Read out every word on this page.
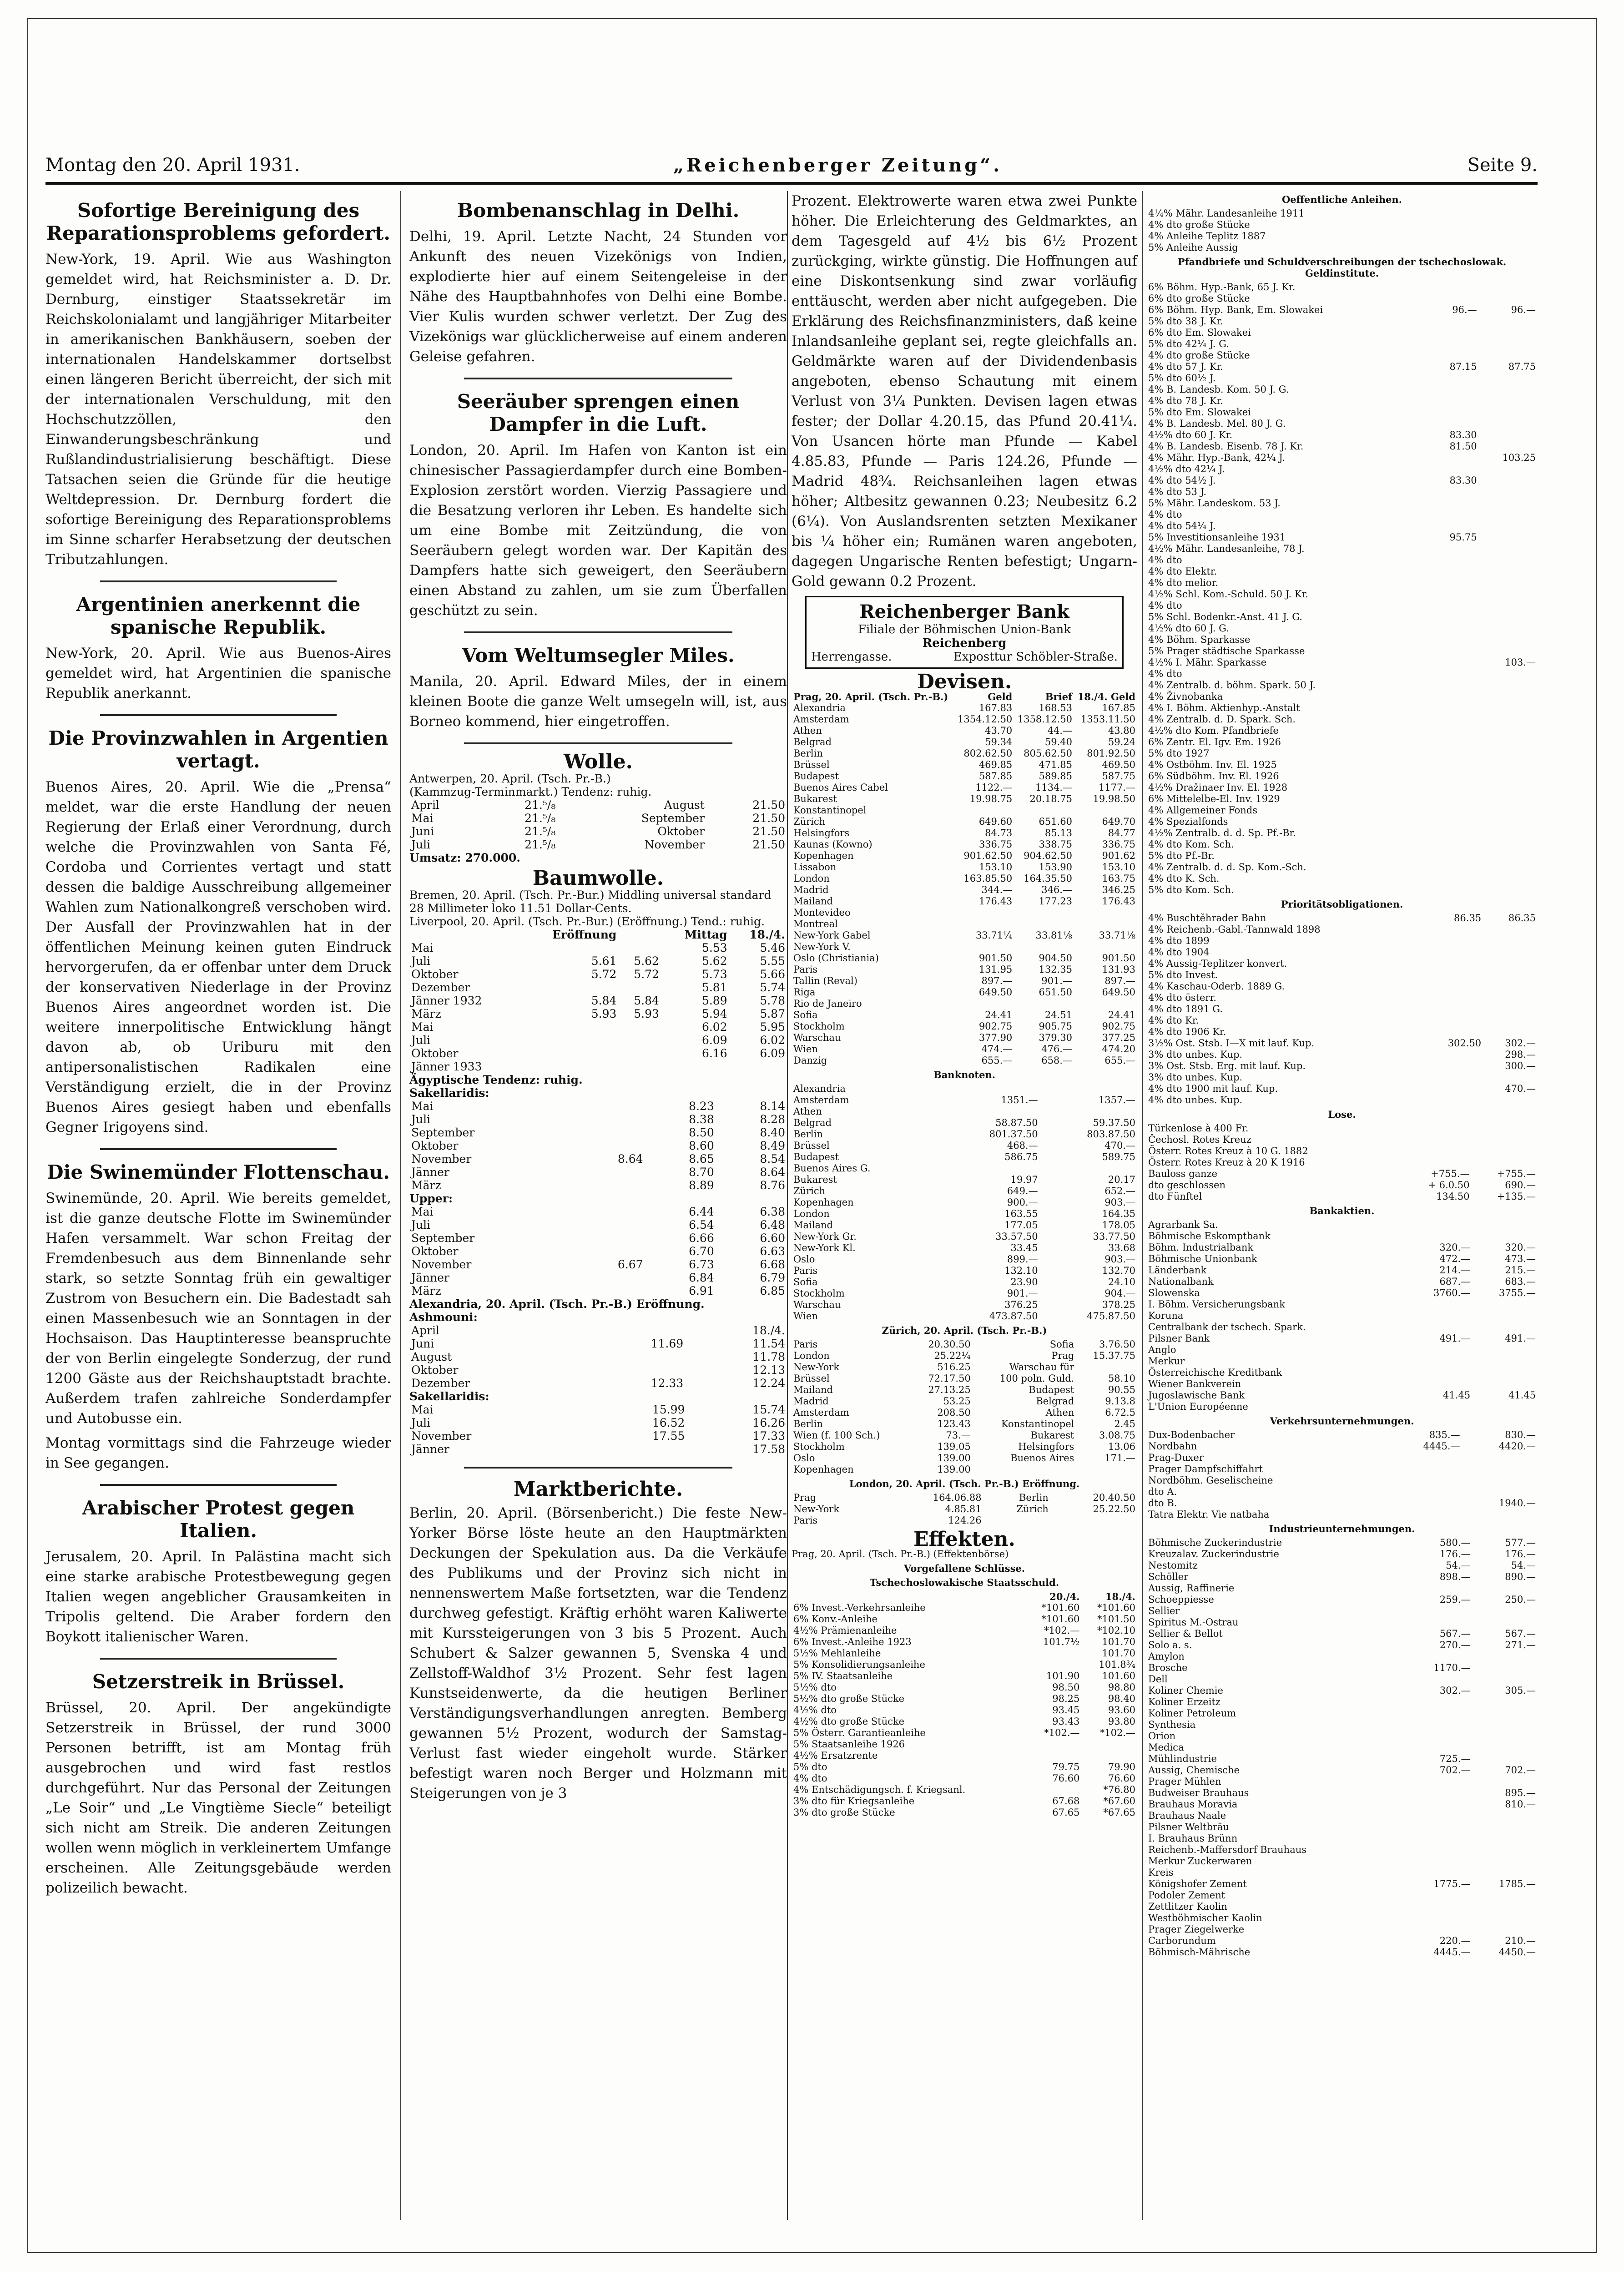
Montag den 20. April 1931.	„Reichenberger Zeitung“.	Seite 9.
Sofortige Bereinigung des Reparationsproblems gefordert.

New-York, 19. April. Wie aus Washington gemeldet wird, hat Reichsminister a. D. Dr. Dernburg, einstiger Staatssekretär im Reichskolonialamt und langjähriger Mitarbeiter in amerikanischen Bankhäusern, soeben der internationalen Handelskammer dortselbst einen längeren Bericht überreicht, der sich mit der internationalen Verschuldung, mit den Hochschutzzöllen, den Einwanderungsbeschränkung und Rußlandindustrialisierung beschäftigt. Diese Tatsachen seien die Gründe für die heutige Weltdepression. Dr. Dernburg fordert die sofortige Bereinigung des Reparationsproblems im Sinne scharfer Herabsetzung der deutschen Tributzahlungen.

Argentinien anerkennt die spanische Republik.

New-York, 20. April. Wie aus Buenos-Aires gemeldet wird, hat Argentinien die spanische Republik anerkannt.

Die Provinzwahlen in Argentien vertagt.

Buenos Aires, 20. April. Wie die „Prensa“ meldet, war die erste Handlung der neuen Regierung der Erlaß einer Verordnung, durch welche die Provinzwahlen von Santa Fé, Cordoba und Corrientes vertagt und statt dessen die baldige Ausschreibung allgemeiner Wahlen zum Nationalkongreß verschoben wird. Der Ausfall der Provinzwahlen hat in der öffentlichen Meinung keinen guten Eindruck hervorgerufen, da er offenbar unter dem Druck der konservativen Niederlage in der Provinz Buenos Aires angeordnet worden ist. Die weitere innerpolitische Entwicklung hängt davon ab, ob Uriburu mit den antipersonalistischen Radikalen eine Verständigung erzielt, die in der Provinz Buenos Aires gesiegt haben und ebenfalls Gegner Irigoyens sind.

Die Swinemünder Flottenschau.

Swinemünde, 20. April. Wie bereits gemeldet, ist die ganze deutsche Flotte im Swinemünder Hafen versammelt. War schon Freitag der Fremdenbesuch aus dem Binnenlande sehr stark, so setzte Sonntag früh ein gewaltiger Zustrom von Besuchern ein. Die Badestadt sah einen Massenbesuch wie an Sonntagen in der Hochsaison. Das Hauptinteresse beanspruchte der von Berlin eingelegte Sonderzug, der rund 1200 Gäste aus der Reichshauptstadt brachte. Außerdem trafen zahlreiche Sonderdampfer und Autobusse ein.

Montag vormittags sind die Fahrzeuge wieder in See gegangen.

Arabischer Protest gegen Italien.

Jerusalem, 20. April. In Palästina macht sich eine starke arabische Protestbewegung gegen Italien wegen angeblicher Grausamkeiten in Tripolis geltend. Die Araber fordern den Boykott italienischer Waren.

Setzerstreik in Brüssel.

Brüssel, 20. April. Der angekündigte Setzerstreik in Brüssel, der rund 3000 Personen betrifft, ist am Montag früh ausgebrochen und wird fast restlos durchgeführt. Nur das Personal der Zeitungen „Le Soir“ und „Le Vingtième Siecle“ beteiligt sich nicht am Streik. Die anderen Zeitungen wollen wenn möglich in verkleinertem Umfange erscheinen. Alle Zeitungsgebäude werden polizeilich bewacht.

Bombenanschlag in Delhi.

Delhi, 19. April. Letzte Nacht, 24 Stunden vor Ankunft des neuen Vizekönigs von Indien, explodierte hier auf einem Seitengeleise in der Nähe des Hauptbahnhofes von Delhi eine Bombe. Vier Kulis wurden schwer verletzt. Der Zug des Vizekönigs war glücklicherweise auf einem anderen Geleise gefahren.

Seeräuber sprengen einen Dampfer in die Luft.

London, 20. April. Im Hafen von Kanton ist ein chinesischer Passagierdampfer durch eine Bomben-Explosion zerstört worden. Vierzig Passagiere und die Besatzung verloren ihr Leben. Es handelte sich um eine Bombe mit Zeitzündung, die von Seeräubern gelegt worden war. Der Kapitän des Dampfers hatte sich geweigert, den Seeräubern einen Abstand zu zahlen, um sie zum Überfallen geschützt zu sein.

Vom Weltumsegler Miles.

Manila, 20. April. Edward Miles, der in einem kleinen Boote die ganze Welt umsegeln will, ist, aus Borneo kommend, hier eingetroffen.

Wolle.
Antwerpen, 20. April. (Tsch. Pr.-B.)
(Kammzug-Terminmarkt.) Tendenz: ruhig.
April	21.⁵/₈	August	21.50
Mai	21.⁵/₈	September	21.50
Juni	21.⁵/₈	Oktober	21.50
Juli	21.⁵/₈	November	21.50
Umsatz: 270.000.
Baumwolle.
Bremen, 20. April. (Tsch. Pr.-Bur.) Middling universal standard 28 Millimeter loko 11.51 Dollar-Cents.
Liverpool, 20. April. (Tsch. Pr.-Bur.) (Eröffnung.) Tend.: ruhig.
	Eröffnung		Mittag	18./4.
Mai			5.53	5.46
Juli	5.61	5.62	5.62	5.55
Oktober	5.72	5.72	5.73	5.66
Dezember			5.81	5.74
Jänner 1932	5.84	5.84	5.89	5.78
März	5.93	5.93	5.94	5.87
Mai			6.02	5.95
Juli			6.09	6.02
Oktober			6.16	6.09
Jänner 1933				
Ägyptische Tendenz: ruhig.
Sakellaridis:
Mai		8.23	8.14
Juli		8.38	8.28
September		8.50	8.40
Oktober		8.60	8.49
November	8.64	8.65	8.54
Jänner		8.70	8.64
März		8.89	8.76
Upper:
Mai		6.44	6.38
Juli		6.54	6.48
September		6.66	6.60
Oktober		6.70	6.63
November	6.67	6.73	6.68
Jänner		6.84	6.79
März		6.91	6.85
Alexandria, 20. April. (Tsch. Pr.-B.) Eröffnung.
Ashmouni:
April		18./4.
Juni	11.69	11.54
August		11.78
Oktober		12.13
Dezember	12.33	12.24
Sakellaridis:
Mai	15.99	15.74
Juli	16.52	16.26
November	17.55	17.33
Jänner		17.58
Marktberichte.

Berlin, 20. April. (Börsenbericht.) Die feste New-Yorker Börse löste heute an den Hauptmärkten Deckungen der Spekulation aus. Da die Verkäufe des Publikums und der Provinz sich nicht in nennenswertem Maße fortsetzten, war die Tendenz durchweg gefestigt. Kräftig erhöht waren Kaliwerte mit Kurssteigerungen von 3 bis 5 Prozent. Auch Schubert & Salzer gewannen 5, Svenska 4 und Zellstoff-Waldhof 3½ Prozent. Sehr fest lagen Kunstseidenwerte, da die heutigen Berliner Verständigungsverhandlungen anregten. Bemberg gewannen 5½ Prozent, wodurch der Samstag-Verlust fast wieder eingeholt wurde. Stärker befestigt waren noch Berger und Holzmann mit Steigerungen von je 3

Prozent. Elektrowerte waren etwa zwei Punkte höher. Die Erleichterung des Geldmarktes, an dem Tagesgeld auf 4½ bis 6½ Prozent zurückging, wirkte günstig. Die Hoffnungen auf eine Diskontsenkung sind zwar vorläufig enttäuscht, werden aber nicht aufgegeben. Die Erklärung des Reichsfinanzministers, daß keine Inlandsanleihe geplant sei, regte gleichfalls an. Geldmärkte waren auf der Dividendenbasis angeboten, ebenso Schautung mit einem Verlust von 3¼ Punkten. Devisen lagen etwas fester; der Dollar 4.20.15, das Pfund 20.41¼. Von Usancen hörte man Pfunde — Kabel 4.85.83, Pfunde — Paris 124.26, Pfunde — Madrid 48¾. Reichsanleihen lagen etwas höher; Altbesitz gewannen 0.23; Neubesitz 6.2 (6¼). Von Auslandsrenten setzten Mexikaner bis ¼ höher ein; Rumänen waren angeboten, dagegen Ungarische Renten befestigt; Ungarn-Gold gewann 0.2 Prozent.

Reichenberger Bank
Filiale der Böhmischen Union-Bank
Reichenberg
Herrengasse.	Exposttur Schöbler-Straße.
Devisen.
Prag, 20. April. (Tsch. Pr.-B.)	Geld	Brief	18./4. Geld
Alexandria	167.83	168.53	167.85
Amsterdam	1354.12.50	1358.12.50	1353.11.50
Athen	43.70	44.—	43.80
Belgrad	59.34	59.40	59.24
Berlin	802.62.50	805.62.50	801.92.50
Brüssel	469.85	471.85	469.50
Budapest	587.85	589.85	587.75
Buenos Aires Cabel	1122.—	1134.—	1177.—
Bukarest	19.98.75	20.18.75	19.98.50
Konstantinopel			
Zürich	649.60	651.60	649.70
Helsingfors	84.73	85.13	84.77
Kaunas (Kowno)	336.75	338.75	336.75
Kopenhagen	901.62.50	904.62.50	901.62
Lissabon	153.10	153.90	153.10
London	163.85.50	164.35.50	163.75
Madrid	344.—	346.—	346.25
Mailand	176.43	177.23	176.43
Montevideo			
Montreal			
New-York Gabel	33.71¼	33.81⅛	33.71⅛
New-York V.			
Oslo (Christiania)	901.50	904.50	901.50
Paris	131.95	132.35	131.93
Tallin (Reval)	897.—	901.—	897.—
Riga	649.50	651.50	649.50
Rio de Janeiro			
Sofia	24.41	24.51	24.41
Stockholm	902.75	905.75	902.75
Warschau	377.90	379.30	377.25
Wien	474.—	476.—	474.20
Danzig	655.—	658.—	655.—
Banknoten.
Alexandria		
Amsterdam	1351.—	1357.—
Athen		
Belgrad	58.87.50	59.37.50
Berlin	801.37.50	803.87.50
Brüssel	468.—	470.—
Budapest	586.75	589.75
Buenos Aires G.		
Bukarest	19.97	20.17
Zürich	649.—	652.—
Kopenhagen	900.—	903.—
London	163.55	164.35
Mailand	177.05	178.05
New-York Gr.	33.57.50	33.77.50
New-York Kl.	33.45	33.68
Oslo	899.—	903.—
Paris	132.10	132.70
Sofia	23.90	24.10
Stockholm	901.—	904.—
Warschau	376.25	378.25
Wien	473.87.50	475.87.50
Zürich, 20. April. (Tsch. Pr.-B.)
Paris	20.30.50	Sofia	3.76.50
London	25.22¼	Prag	15.37.75
New-York	516.25	Warschau für	
Brüssel	72.17.50	100 poln. Guld.	58.10
Mailand	27.13.25	Budapest	90.55
Madrid	53.25	Belgrad	9.13.8
Amsterdam	208.50	Athen	6.72.5
Berlin	123.43	Konstantinopel	2.45
Wien (f. 100 Sch.)	73.—	Bukarest	3.08.75
Stockholm	139.05	Helsingfors	13.06
Oslo	139.00	Buenos Aires	171.—
Kopenhagen	139.00		
London, 20. April. (Tsch. Pr.-B.) Eröffnung.
Prag	164.06.88	Berlin	20.40.50
New-York	4.85.81	Zürich	25.22.50
Paris	124.26		
Effekten.
Prag, 20. April. (Tsch. Pr.-B.) (Effektenbörse)
Vorgefallene Schlüsse.
Tschechoslowakische Staatsschuld.
	20./4.	18./4.
6% Invest.-Verkehrsanleihe	*101.60	*101.60
6% Konv.-Anleihe	*101.60	*101.50
4½% Prämienanleihe	*102.—	*102.10
6% Invest.-Anleihe 1923	101.7½	101.70
5½% Mehlanleihe		101.70
5% Konsolidierungsanleihe		101.8¾
5% IV. Staatsanleihe	101.90	101.60
5½% dto	98.50	98.80
5½% dto große Stücke	98.25	98.40
4½% dto	93.45	93.60
4½% dto große Stücke	93.43	93.80
5% Österr. Garantieanleihe	*102.—	*102.—
5% Staatsanleihe 1926		
4½% Ersatzrente		
5% dto	79.75	79.90
4% dto	76.60	76.60
4% Entschädigungsch. f. Kriegsanl.		*76.80
3% dto für Kriegsanleihe	67.68	*67.60
3% dto große Stücke	67.65	*67.65
Oeffentliche Anleihen.
4¼% Mähr. Landesanleihe 1911		
4% dto große Stücke		
4% Anleihe Teplitz 1887		
5% Anleihe Aussig		
Pfandbriefe und Schuldverschreibungen der tschechoslowak. Geldinstitute.
6% Böhm. Hyp.-Bank, 65 J. Kr.		
6% dto große Stücke		
6% Böhm. Hyp. Bank, Em. Slowakei	96.—	96.—
5% dto 38 J. Kr.		
6% dto Em. Slowakei		
5% dto 42¼ J. G.		
4% dto große Stücke		
4% dto 57 J. Kr.	87.15	87.75
5% dto 60½ J.		
4% B. Landesb. Kom. 50 J. G.		
4% dto 78 J. Kr.		
5% dto Em. Slowakei		
4% B. Landesb. Mel. 80 J. G.		
4½% dto 60 J. Kr.	83.30	
4% B. Landesb. Eisenb. 78 J. Kr.	81.50	
4% Mähr. Hyp.-Bank, 42¼ J.		103.25
4½% dto 42¼ J.		
4% dto 54½ J.	83.30	
4% dto 53 J.		
5% Mähr. Landeskom. 53 J.		
4% dto		
4% dto 54¼ J.		
5% Investitionsanleihe 1931	95.75	
4½% Mähr. Landesanleihe, 78 J.		
4% dto		
4% dto Elektr.		
4% dto melior.		
4½% Schl. Kom.-Schuld. 50 J. Kr.		
4% dto		
5% Schl. Bodenkr.-Anst. 41 J. G.		
4½% dto 60 J. G.		
4% Böhm. Sparkasse		
5% Prager städtische Sparkasse		
4½% I. Mähr. Sparkasse		103.—
4% dto		
4% Zentralb. d. böhm. Spark. 50 J.		
4% Živnobanka		
4% I. Böhm. Aktienhyp.-Anstalt		
4% Zentralb. d. D. Spark. Sch.		
4½% dto Kom. Pfandbriefe		
6% Zentr. El. Igv. Em. 1926		
5% dto 1927		
4% Ostböhm. Inv. El. 1925		
6% Südböhm. Inv. El. 1926		
4½% Dražinaer Inv. El. 1928		
6% Mittelelbe-El. Inv. 1929		
4% Allgemeiner Fonds		
4% Spezialfonds		
4½% Zentralb. d. d. Sp. Pf.-Br.		
4% dto Kom. Sch.		
5% dto Pf.-Br.		
4% Zentralb. d. d. Sp. Kom.-Sch.		
4% dto K. Sch.		
5% dto Kom. Sch.		
Prioritätsobligationen.
4% Buschtěhrader Bahn	86.35	86.35
4% Reichenb.-Gabl.-Tannwald 1898		
4% dto 1899		
4% dto 1904		
4% Aussig-Teplitzer konvert.		
5% dto Invest.		
4% Kaschau-Oderb. 1889 G.		
4% dto österr.		
4% dto 1891 G.		
4% dto Kr.		
4% dto 1906 Kr.		
3½% Ost. Stsb. I—X mit lauf. Kup.	302.50	302.—
3% dto unbes. Kup.		298.—
3% Ost. Stsb. Erg. mit lauf. Kup.		300.—
3% dto unbes. Kup.		
4% dto 1900 mit lauf. Kup.		470.—
4% dto unbes. Kup.		
Lose.
Türkenlose à 400 Fr.		
Čechosl. Rotes Kreuz		
Österr. Rotes Kreuz à 10 G. 1882		
Österr. Rotes Kreuz à 20 K 1916		
Bauloss ganze	+755.—	+755.—
dto geschlossen	+ 6.0.50	690.—
dto Fünftel	134.50	+135.—
Bankaktien.
Agrarbank Sa.		
Böhmische Eskomptbank		
Böhm. Industrialbank	320.—	320.—
Böhmische Unionbank	472.—	473.—
Länderbank	214.—	215.—
Nationalbank	687.—	683.—
Slowenska	3760.—	3755.—
I. Böhm. Versicherungsbank		
Koruna		
Centralbank der tschech. Spark.		
Pilsner Bank	491.—	491.—
Anglo		
Merkur		
Österreichische Kreditbank		
Wiener Bankverein		
Jugoslawische Bank	41.45	41.45
L'Union Européenne		
Verkehrsunternehmungen.
Dux-Bodenbacher	835.—	830.—
Nordbahn	4445.—	4420.—
Prag-Duxer		
Prager Dampfschiffahrt		
Nordböhm. Geselischeine		
dto A.		
dto B.		1940.—
Tatra Elektr. Vie natbaha		
Industrieunternehmungen.
Böhmische Zuckerindustrie	580.—	577.—
Kreuzalav. Zuckerindustrie	176.—	176.—
Nestomitz	54.—	54.—
Schöller	898.—	890.—
Aussig, Raffinerie		
Schoeppiesse	259.—	250.—
Sellier		
Spiritus M.-Ostrau		
Sellier & Bellot	567.—	567.—
Solo a. s.	270.—	271.—
Amylon		
Brosche	1170.—	
Dell		
Koliner Chemie	302.—	305.—
Koliner Erzeitz		
Koliner Petroleum		
Synthesia		
Orion		
Medica		
Mühlindustrie	725.—	
Aussig, Chemische	702.—	702.—
Prager Mühlen		
Budweiser Brauhaus		895.—
Brauhaus Moravia		810.—
Brauhaus Naale		
Pilsner Weltbräu		
I. Brauhaus Brünn		
Reichenb.-Maffersdorf Brauhaus		
Merkur Zuckerwaren		
Kreis		
Königshofer Zement	1775.—	1785.—
Podoler Zement		
Zettlitzer Kaolin		
Westböhmischer Kaolin		
Prager Ziegelwerke		
Carborundum	220.—	210.—
Böhmisch-Mährische	4445.—	4450.—
